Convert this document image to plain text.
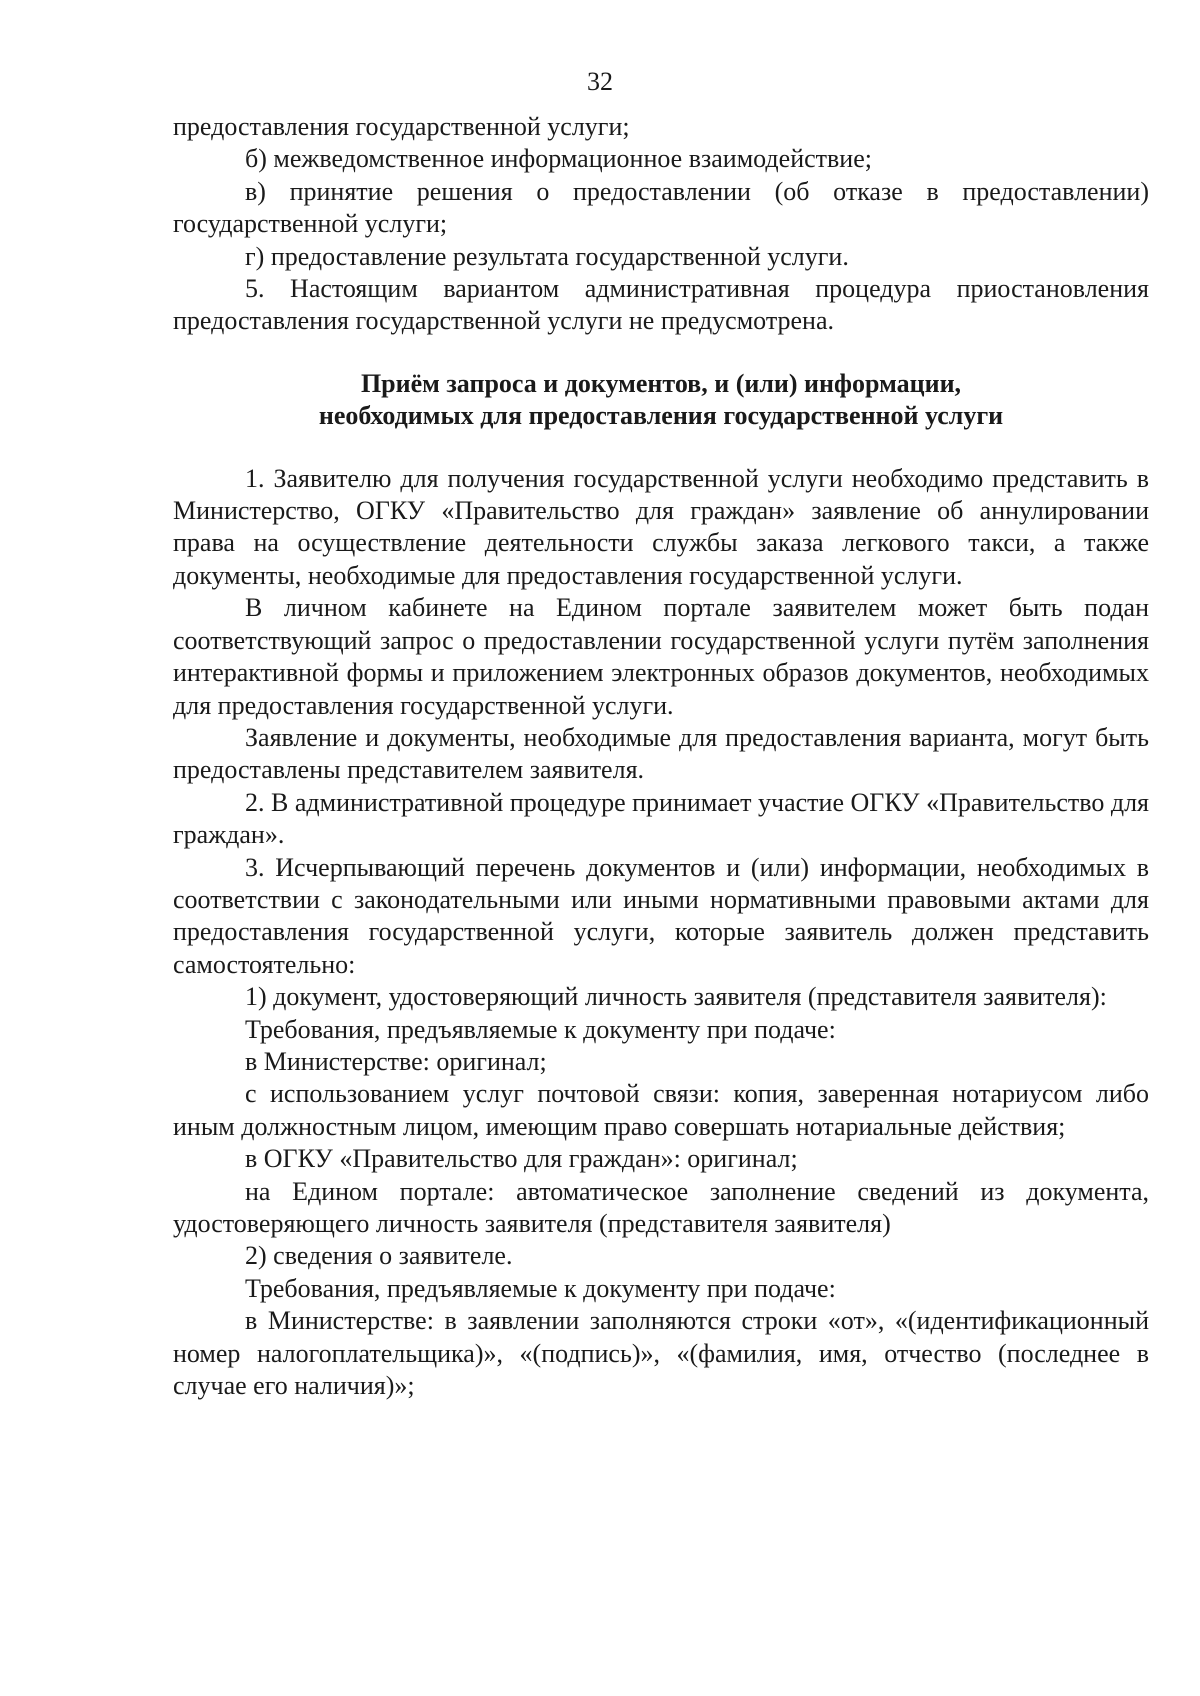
32

предоставления государственной услуги;

б) межведомственное информационное взаимодействие;

в) принятие решения о предоставлении (об отказе в предоставлении) государственной услуги;

г) предоставление результата государственной услуги.

5. Настоящим вариантом административная процедура приостановления предоставления государственной услуги не предусмотрена.

Приём запроса и документов, и (или) информации,
необходимых для предоставления государственной услуги

1. Заявителю для получения государственной услуги необходимо представить в Министерство, ОГКУ «Правительство для граждан» заявление об аннулировании права на осуществление деятельности службы заказа легкового такси, а также документы, необходимые для предоставления государственной услуги.

В личном кабинете на Едином портале заявителем может быть подан соответствующий запрос о предоставлении государственной услуги путём заполнения интерактивной формы и приложением электронных образов документов, необходимых для предоставления государственной услуги.

Заявление и документы, необходимые для предоставления варианта, могут быть предоставлены представителем заявителя.

2. В административной процедуре принимает участие ОГКУ «Правительство для граждан».

3. Исчерпывающий перечень документов и (или) информации, необходимых в соответствии с законодательными или иными нормативными правовыми актами для предоставления государственной услуги, которые заявитель должен представить самостоятельно:

1) документ, удостоверяющий личность заявителя (представителя заявителя):

Требования, предъявляемые к документу при подаче:

в Министерстве: оригинал;

с использованием услуг почтовой связи: копия, заверенная нотариусом либо иным должностным лицом, имеющим право совершать нотариальные действия;

в ОГКУ «Правительство для граждан»: оригинал;

на Едином портале: автоматическое заполнение сведений из документа, удостоверяющего личность заявителя (представителя заявителя)

2) сведения о заявителе.

Требования, предъявляемые к документу при подаче:

в Министерстве: в заявлении заполняются строки «от», «(идентификационный номер налогоплательщика)», «(подпись)», «(фамилия, имя, отчество (последнее в случае его наличия)»;
